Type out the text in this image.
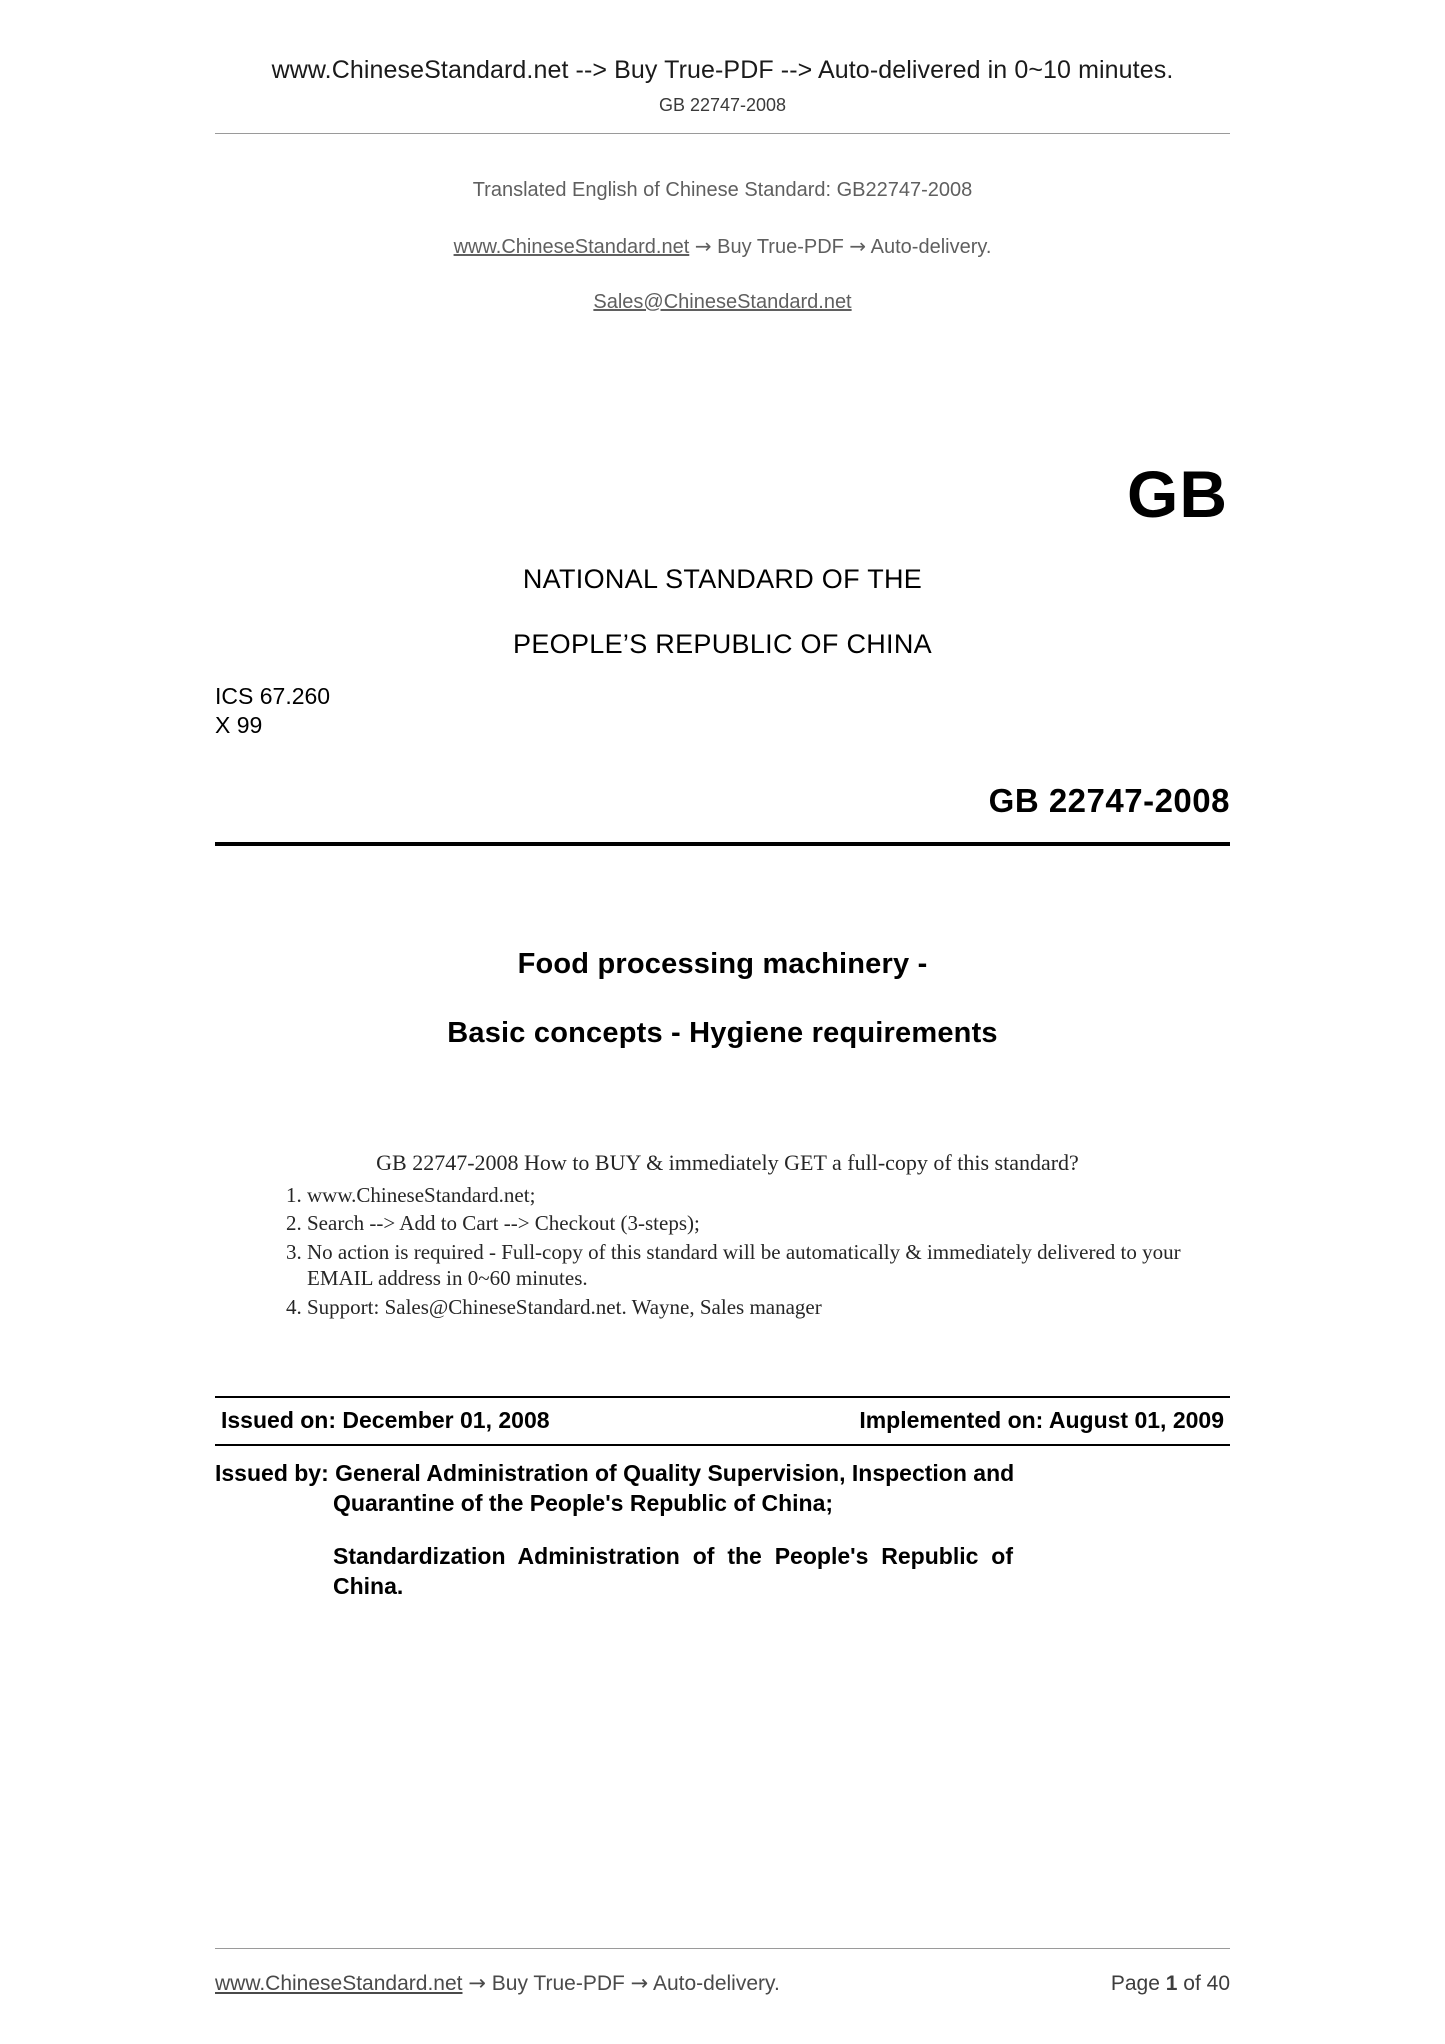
www.ChineseStandard.net --> Buy True-PDF --> Auto-delivered in 0~10 minutes.
GB 22747-2008
Translated English of Chinese Standard: GB22747-2008
www.ChineseStandard.net → Buy True-PDF → Auto-delivery.
Sales@ChineseStandard.net
GB
NATIONAL STANDARD OF THE
PEOPLE’S REPUBLIC OF CHINA
ICS 67.260
X 99
GB 22747-2008
Food processing machinery -
Basic concepts - Hygiene requirements
GB 22747-2008 How to BUY & immediately GET a full-copy of this standard?
1. www.ChineseStandard.net;
2. Search --> Add to Cart --> Checkout (3-steps);
3. No action is required - Full-copy of this standard will be automatically & immediately delivered to your EMAIL address in 0~60 minutes.
4. Support: Sales@ChineseStandard.net. Wayne, Sales manager
Issued on: December 01, 2008	Implemented on: August 01, 2009
Issued by: General Administration of Quality Supervision, Inspection and
Quarantine of the People's Republic of China;
Standardization Administration of the People's Republic of China.
www.ChineseStandard.net → Buy True-PDF → Auto-delivery.	Page 1 of 40
